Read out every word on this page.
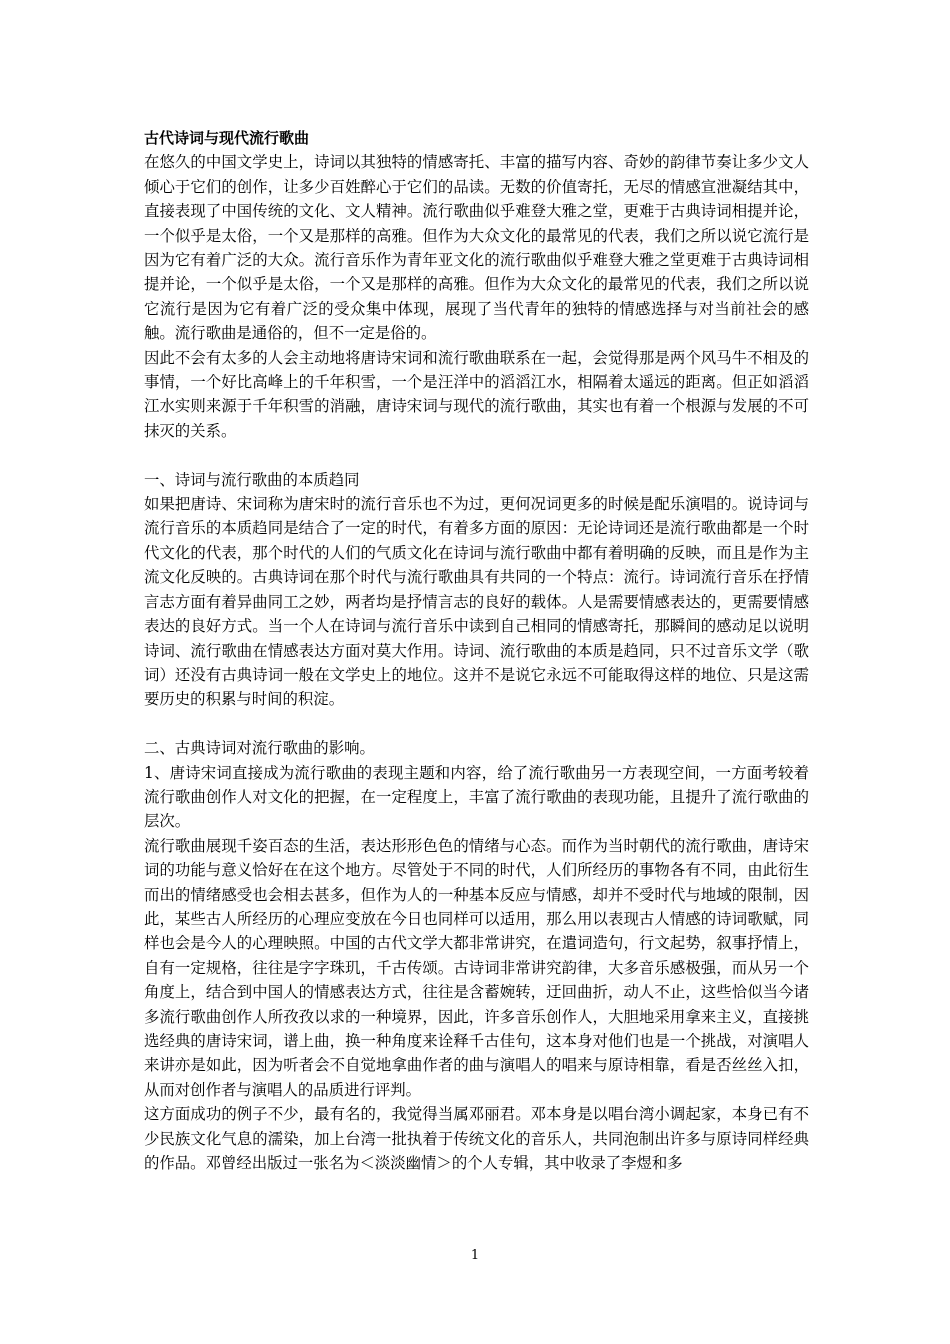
古代诗词与现代流行歌曲

在悠久的中国文学史上，诗词以其独特的情感寄托、丰富的描写内容、奇妙的韵律节奏让多少文人倾心于它们的创作，让多少百姓醉心于它们的品读。无数的价值寄托，无尽的情感宣泄凝结其中，直接表现了中国传统的文化、文人精神。流行歌曲似乎难登大雅之堂，更难于古典诗词相提并论，一个似乎是太俗，一个又是那样的高雅。但作为大众文化的最常见的代表，我们之所以说它流行是因为它有着广泛的大众。流行音乐作为青年亚文化的流行歌曲似乎难登大雅之堂更难于古典诗词相提并论，一个似乎是太俗，一个又是那样的高雅。但作为大众文化的最常见的代表，我们之所以说它流行是因为它有着广泛的受众集中体现，展现了当代青年的独特的情感选择与对当前社会的感触。流行歌曲是通俗的，但不一定是俗的。

因此不会有太多的人会主动地将唐诗宋词和流行歌曲联系在一起，会觉得那是两个风马牛不相及的事情，一个好比高峰上的千年积雪，一个是汪洋中的滔滔江水，相隔着太遥远的距离。但正如滔滔江水实则来源于千年积雪的消融，唐诗宋词与现代的流行歌曲，其实也有着一个根源与发展的不可抹灭的关系。

一、诗词与流行歌曲的本质趋同

如果把唐诗、宋词称为唐宋时的流行音乐也不为过，更何况词更多的时候是配乐演唱的。说诗词与流行音乐的本质趋同是结合了一定的时代，有着多方面的原因：无论诗词还是流行歌曲都是一个时代文化的代表，那个时代的人们的气质文化在诗词与流行歌曲中都有着明确的反映，而且是作为主流文化反映的。古典诗词在那个时代与流行歌曲具有共同的一个特点：流行。诗词流行音乐在抒情言志方面有着异曲同工之妙，两者均是抒情言志的良好的载体。人是需要情感表达的，更需要情感表达的良好方式。当一个人在诗词与流行音乐中读到自己相同的情感寄托，那瞬间的感动足以说明诗词、流行歌曲在情感表达方面对莫大作用。诗词、流行歌曲的本质是趋同，只不过音乐文学（歌词）还没有古典诗词一般在文学史上的地位。这并不是说它永远不可能取得这样的地位、只是这需要历史的积累与时间的积淀。

二、古典诗词对流行歌曲的影响。

1、唐诗宋词直接成为流行歌曲的表现主题和内容，给了流行歌曲另一方表现空间，一方面考较着流行歌曲创作人对文化的把握，在一定程度上，丰富了流行歌曲的表现功能，且提升了流行歌曲的层次。

流行歌曲展现千姿百态的生活，表达形形色色的情绪与心态。而作为当时朝代的流行歌曲，唐诗宋词的功能与意义恰好在在这个地方。尽管处于不同的时代，人们所经历的事物各有不同，由此衍生而出的情绪感受也会相去甚多，但作为人的一种基本反应与情感，却并不受时代与地域的限制，因此，某些古人所经历的心理应变放在今日也同样可以适用，那么用以表现古人情感的诗词歌赋，同样也会是今人的心理映照。中国的古代文学大都非常讲究，在遣词造句，行文起势，叙事抒情上，自有一定规格，往往是字字珠玑，千古传颂。古诗词非常讲究韵律，大多音乐感极强，而从另一个角度上，结合到中国人的情感表达方式，往往是含蓄婉转，迂回曲折，动人不止，这些恰似当今诸多流行歌曲创作人所孜孜以求的一种境界，因此，许多音乐创作人，大胆地采用拿来主义，直接挑选经典的唐诗宋词，谱上曲，换一种角度来诠释千古佳句，这本身对他们也是一个挑战，对演唱人来讲亦是如此，因为听者会不自觉地拿曲作者的曲与演唱人的唱来与原诗相靠，看是否丝丝入扣，从而对创作者与演唱人的品质进行评判。

这方面成功的例子不少，最有名的，我觉得当属邓丽君。邓本身是以唱台湾小调起家，本身已有不少民族文化气息的濡染，加上台湾一批执着于传统文化的音乐人，共同泡制出许多与原诗同样经典的作品。邓曾经出版过一张名为＜淡淡幽情＞的个人专辑，其中收录了李煜和多

1
